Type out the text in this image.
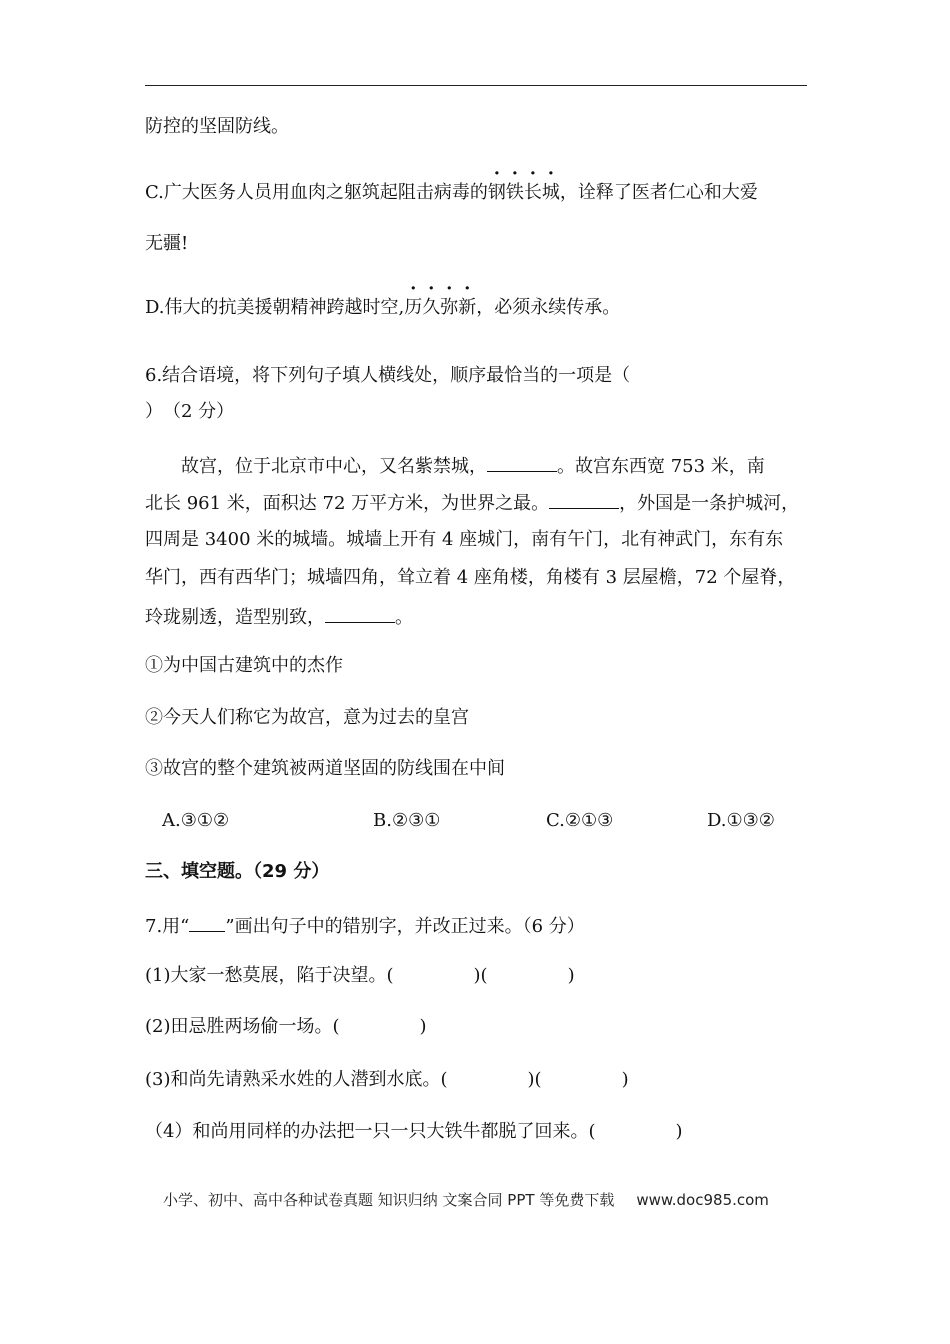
防控的坚固防线。
C.广大医务人员用血肉之躯筑起阻击病毒的钢铁长城，诠释了医者仁心和大爱
无疆!
D.伟大的抗美援朝精神跨越时空,历久弥新，必须永续传承。
6.结合语境，将下列句子填人横线处，顺序最恰当的一项是（
）　（2 分）
故宫，位于北京市中心，又名紫禁城，	。故宫东西宽 753 米，南
北长 961 米，面积达 72 万平方米，为世界之最。	，外国是一条护城河，
四周是 3400 米的城墙。城墙上开有 4 座城门，南有午门，北有神武门，东有东
华门，西有西华门；城墙四角，耸立着 4 座角楼，角楼有 3 层屋檐，72 个屋脊，
玲珑剔透，造型别致，	。
①为中国古建筑中的杰作
②今天人们称它为故宫，意为过去的皇宫
③故宫的整个建筑被两道坚固的防线围在中间
A.③①②	B.②③①	C.②①③	D.①③②
三、填空题。（29 分）
7.用“ ”画出句子中的错别字，并改正过来。（6 分）
(1)大家一愁莫展，陷于决望。(	)(	)
(2)田忌胜两场偷一场。(	)
(3)和尚先请熟采水姓的人潜到水底。(	)(	)
（4）和尚用同样的办法把一只一只大铁牛都脱了回来。(	)
小学、初中、高中各种试卷真题 知识归纳 文案合同 PPT 等免费下载 www.doc985.com
